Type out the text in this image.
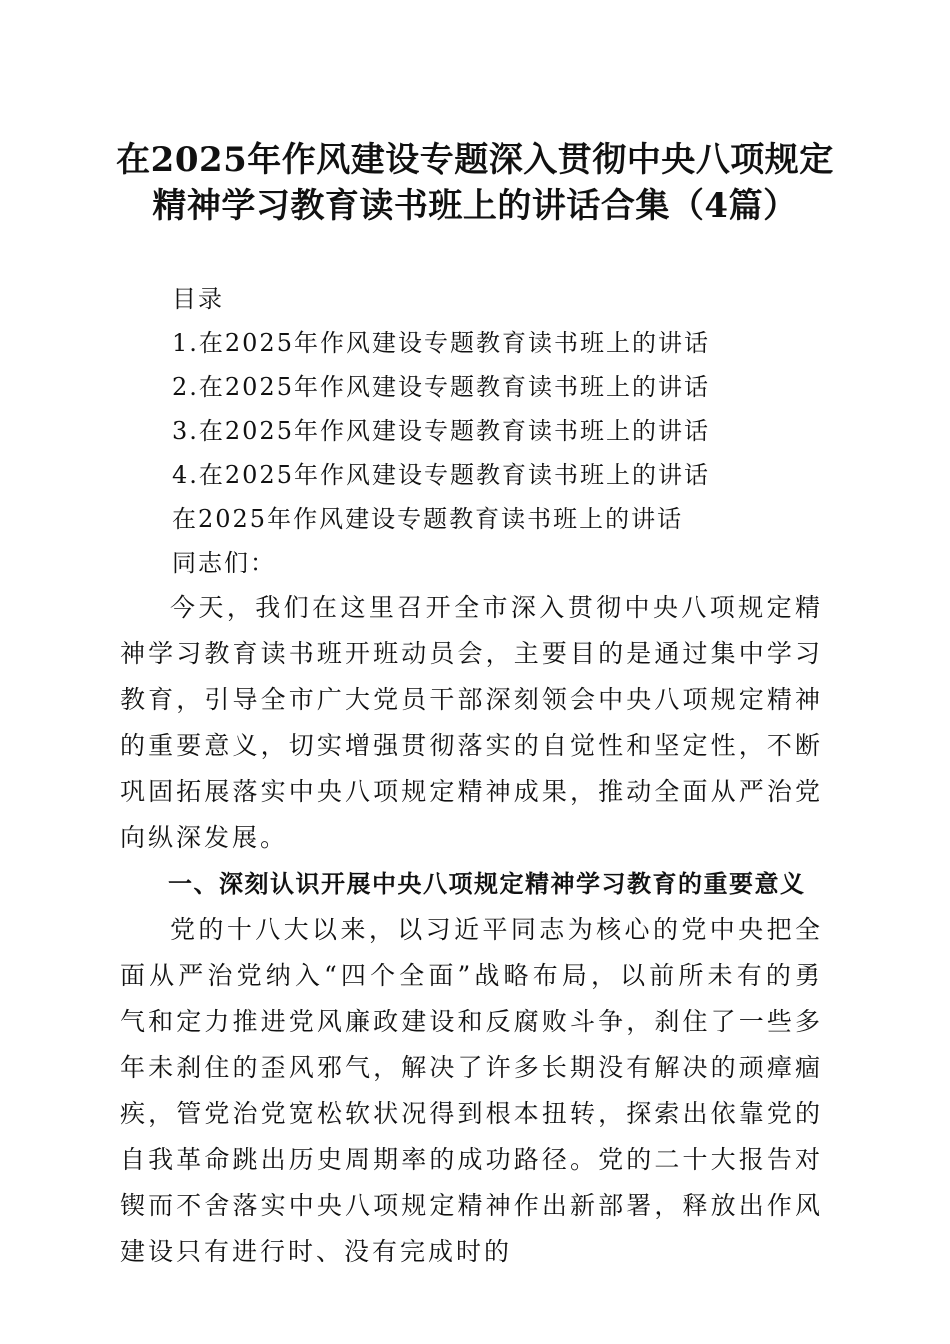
在2025年作风建设专题深入贯彻中央八项规定精神学习教育读书班上的讲话合集（4篇）
目录
1.在2025年作风建设专题教育读书班上的讲话
2.在2025年作风建设专题教育读书班上的讲话
3.在2025年作风建设专题教育读书班上的讲话
4.在2025年作风建设专题教育读书班上的讲话
在2025年作风建设专题教育读书班上的讲话
同志们：

今天，我们在这里召开全市深入贯彻中央八项规定精神学习教育读书班开班动员会，主要目的是通过集中学习教育，引导全市广大党员干部深刻领会中央八项规定精神的重要意义，切实增强贯彻落实的自觉性和坚定性，不断巩固拓展落实中央八项规定精神成果，推动全面从严治党向纵深发展。

一、深刻认识开展中央八项规定精神学习教育的重要意义

党的十八大以来，以习近平同志为核心的党中央把全面从严治党纳入“四个全面”战略布局，以前所未有的勇气和定力推进党风廉政建设和反腐败斗争，刹住了一些多年未刹住的歪风邪气，解决了许多长期没有解决的顽瘴痼疾，管党治党宽松软状况得到根本扭转，探索出依靠党的自我革命跳出历史周期率的成功路径。党的二十大报告对锲而不舍落实中央八项规定精神作出新部署，释放出作风建设只有进行时、没有完成时的
